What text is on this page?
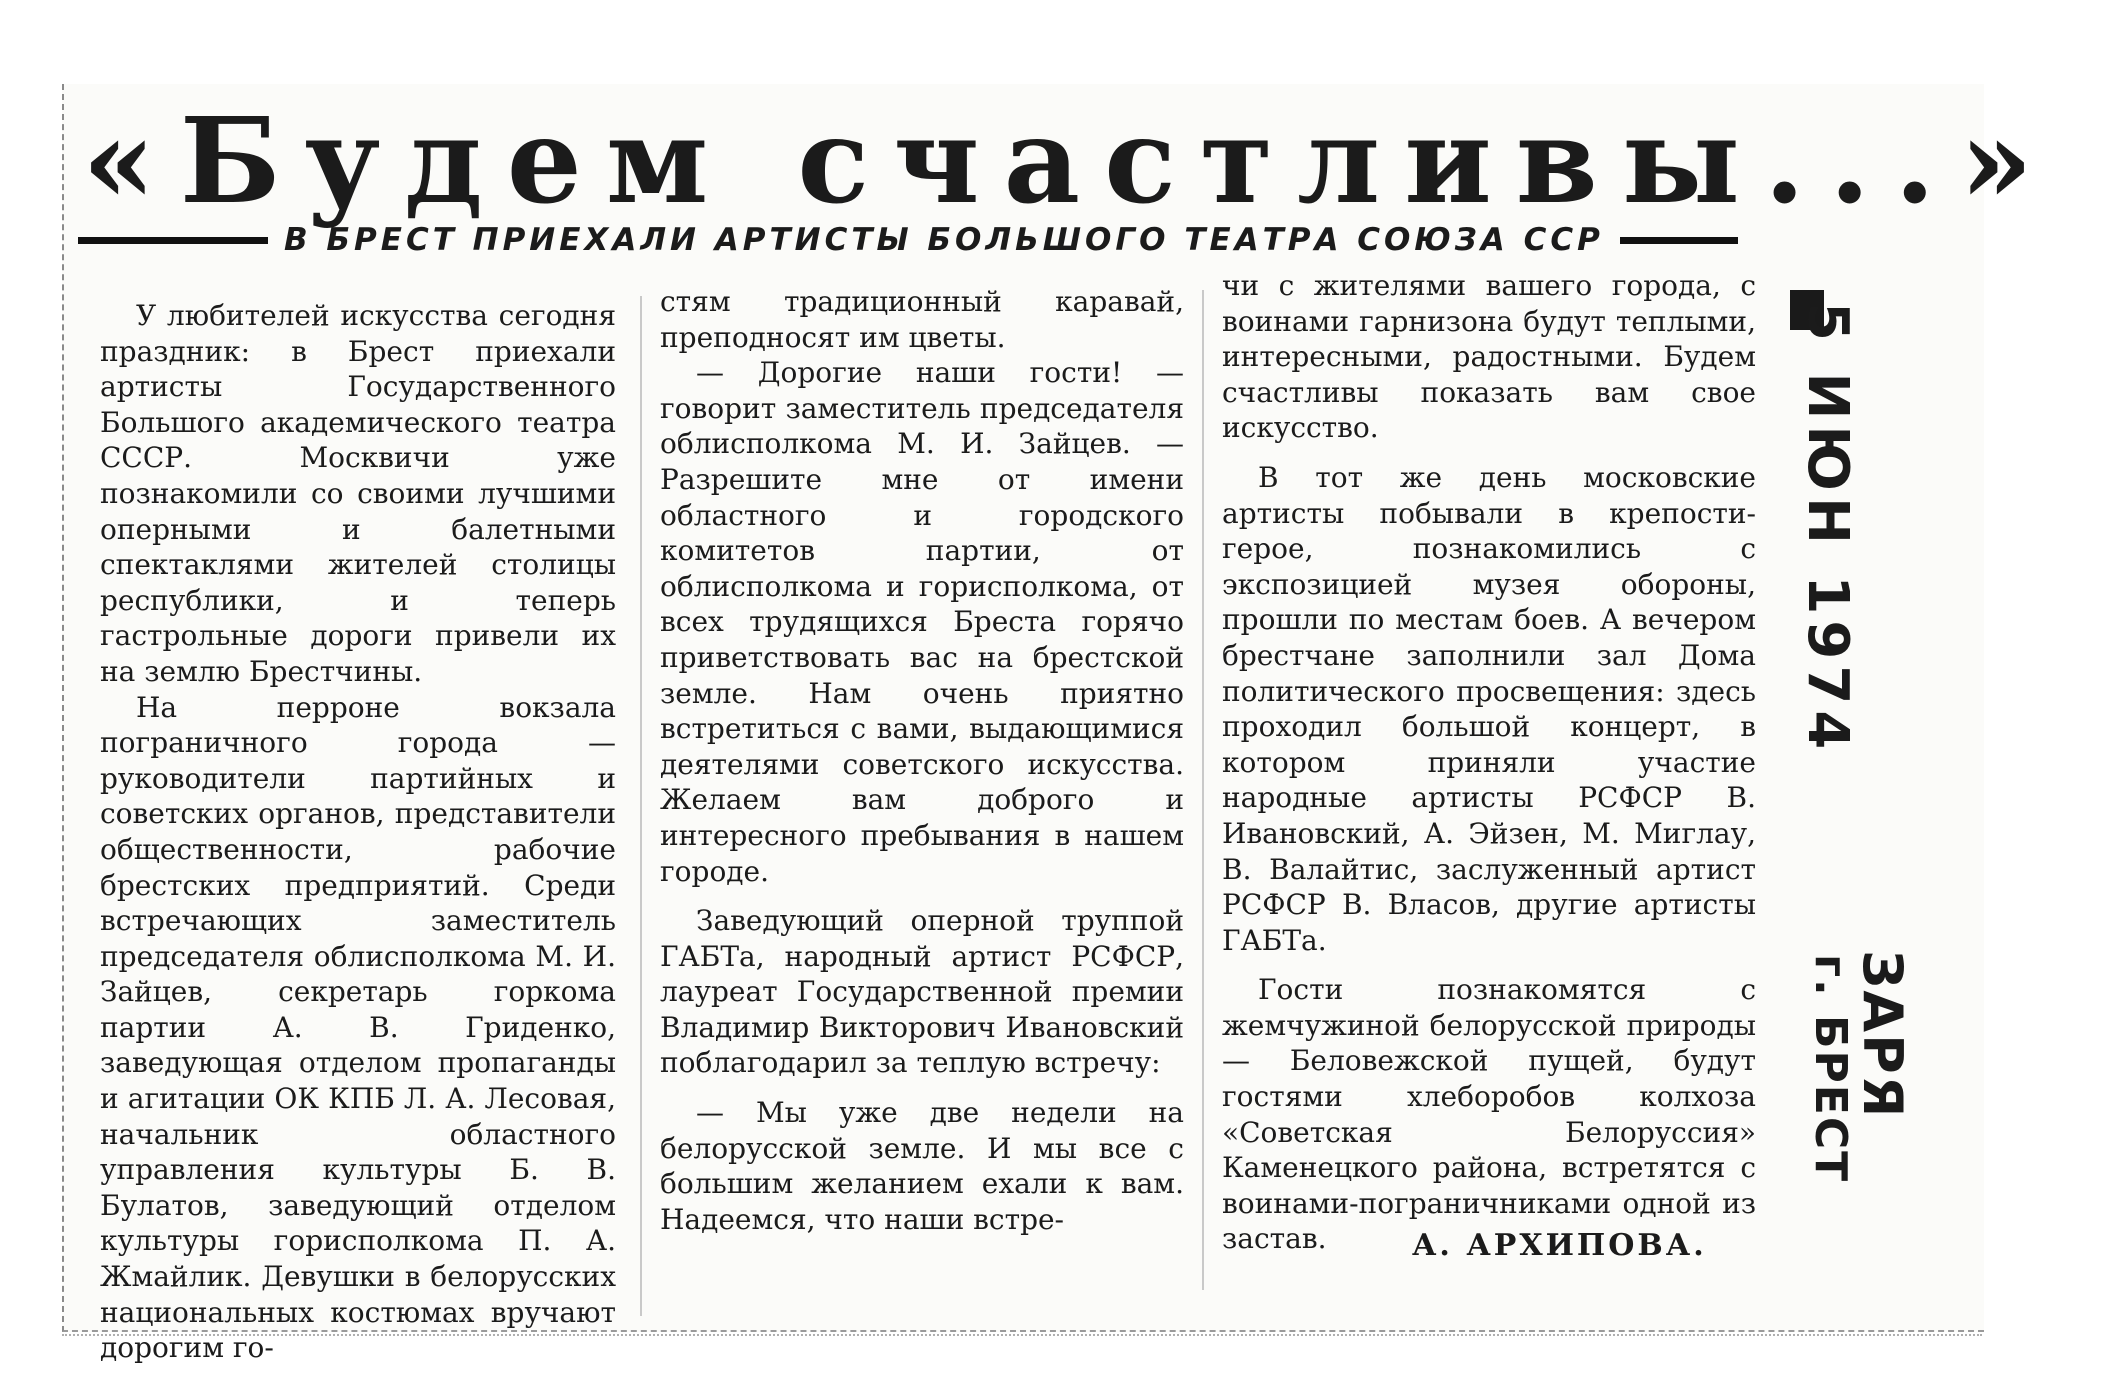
«Будем счастливы...»
В БРЕСТ ПРИЕХАЛИ АРТИСТЫ БОЛЬШОГО ТЕАТРА СОЮЗА ССР

У любителей искусства сегодня праздник: в Брест приехали артисты Государственного Большого академического театра СССР. Москвичи уже познакомили со своими лучшими оперными и балетными спектаклями жителей столицы республики, и теперь гастрольные дороги привели их на землю Брестчины.

На перроне вокзала пограничного города — руководители партийных и советских органов, представители общественности, рабочие брестских предприятий. Среди встречающих заместитель председателя облисполкома М. И. Зайцев, секретарь горкома партии А. В. Гриденко, заведующая отделом пропаганды и агитации ОК КПБ Л. А. Лесовая, начальник областного управления культуры Б. В. Булатов, заведующий отделом культуры горисполкома П. А. Жмайлик. Девушки в белорусских национальных костюмах вручают дорогим го-

стям традиционный каравай, преподносят им цветы.

— Дорогие наши гости! — говорит заместитель председателя облисполкома М. И. Зайцев. — Разрешите мне от имени областного и городского комитетов партии, от облисполкома и горисполкома, от всех трудящихся Бреста горячо приветствовать вас на брестской земле. Нам очень приятно встретиться с вами, выдающимися деятелями советского искусства. Желаем вам доброго и интересного пребывания в нашем городе.

Заведующий оперной труппой ГАБТа, народный артист РСФСР, лауреат Государственной премии Владимир Викторович Ивановский поблагодарил за теплую встречу:

— Мы уже две недели на белорусской земле. И мы все с большим желанием ехали к вам. Надеемся, что наши встре-

чи с жителями вашего города, с воинами гарнизона будут теплыми, интересными, радостными. Будем счастливы показать вам свое искусство.

В тот же день московские артисты побывали в крепости-герое, познакомились с экспозицией музея обороны, прошли по местам боев. А вечером брестчане заполнили зал Дома политического просвещения: здесь проходил большой концерт, в котором приняли участие народные артисты РСФСР В. Ивановский, А. Эйзен, М. Миглау, В. Валайтис, заслуженный артист РСФСР В. Власов, другие артисты ГАБТа.

Гости познакомятся с жемчужиной белорусской природы — Беловежской пущей, будут гостями хлеборобов колхоза «Советская Белоруссия» Каменецкого района, встретятся с воинами-пограничниками одной из застав.	А. АРХИПОВА.

5 ИЮН 1974
ЗАРЯ
г. БРЕСТ
